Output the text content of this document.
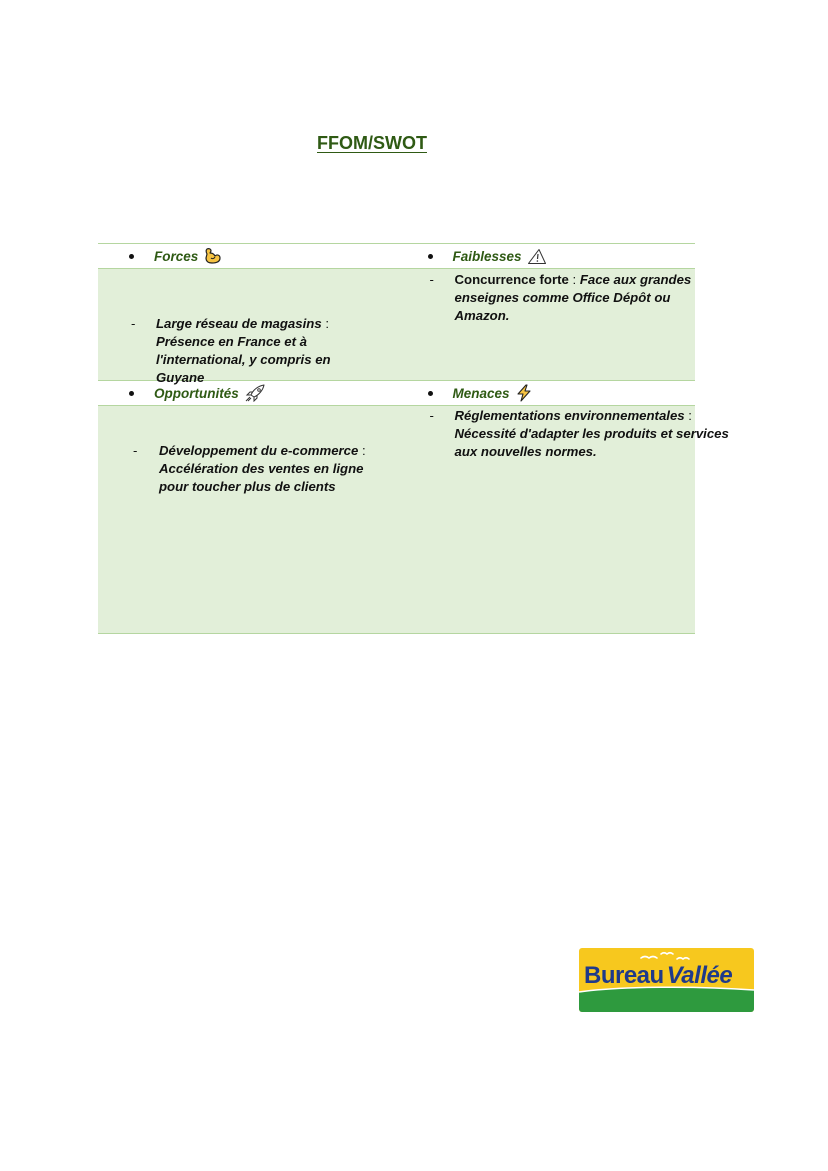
FFOM/SWOT
Forces	Faiblesses
- Large réseau de magasins : Présence en France et à l'international, y compris en Guyane
- Concurrence forte : Face aux grandes enseignes comme Office Dépôt ou Amazon.
Opportunités	Menaces
- Développement du e-commerce : Accélération des ventes en ligne pour toucher plus de clients
- Réglementations environnementales : Nécessité d'adapter les produits et services aux nouvelles normes.
Bureau Vallée
